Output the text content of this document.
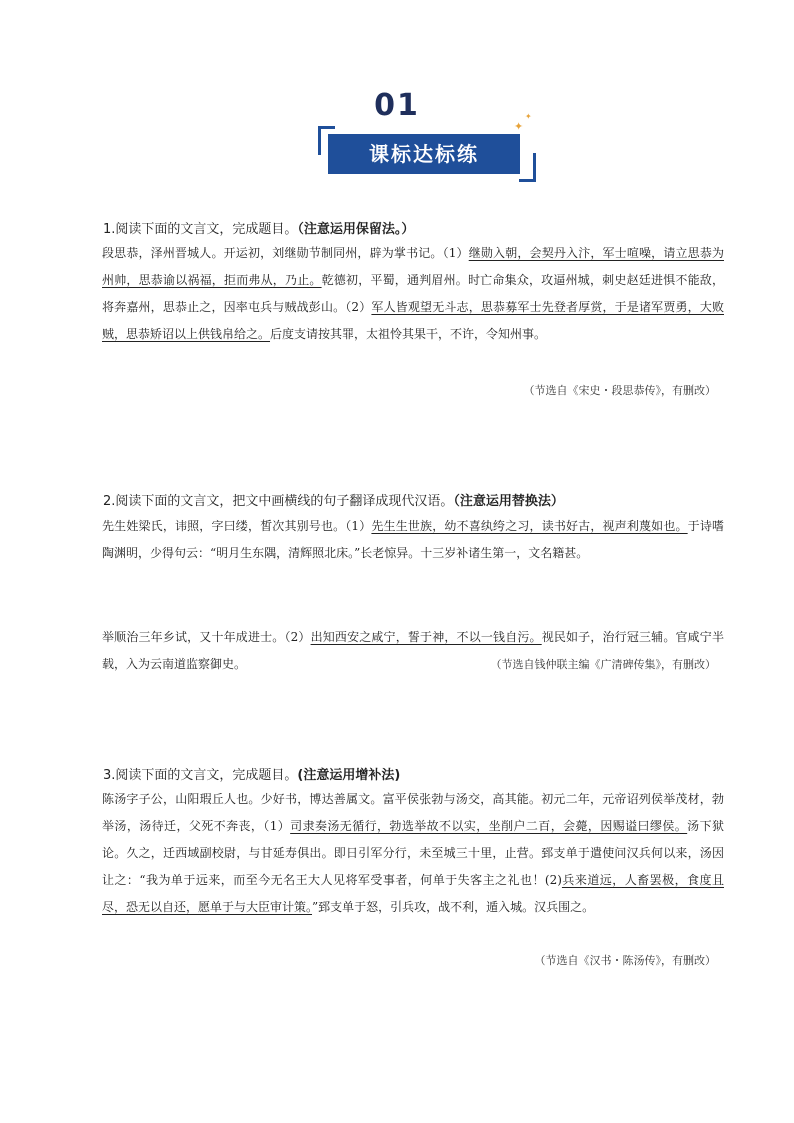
01
课标达标练
✦
✦
1.阅读下面的文言文，完成题目。（注意运用保留法。）
段思恭，泽州晋城人。开运初，刘继勋节制同州，辟为掌书记。（1）继勋入朝，会契丹入汴，军士喧噪，请立思恭为州帅，思恭谕以祸福，拒而弗从，乃止。乾德初，平蜀，通判眉州。时亡命集众，攻逼州城，刺史赵廷进惧不能敌，将奔嘉州，思恭止之，因率屯兵与贼战彭山。（2）军人皆观望无斗志，思恭募军士先登者厚赏，于是诸军贾勇，大败贼，思恭矫诏以上供钱帛给之。后度支请按其罪，太祖怜其果干，不许，令知州事。
（节选自《宋史・段思恭传》，有删改）
2.阅读下面的文言文，把文中画横线的句子翻译成现代汉语。（注意运用替换法）
先生姓梁氏，讳照，字曰缕，皙次其别号也。（1）先生生世族，幼不喜纨绔之习，读书好古，视声利蔑如也。于诗嗜陶渊明，少得句云：“明月生东隅，清辉照北床。”长老惊异。十三岁补诸生第一，文名籍甚。
举顺治三年乡试，又十年成进士。（2）出知西安之咸宁，誓于神，不以一钱自污。视民如子，治行冠三辅。官咸宁半载，入为云南道监察御史。	（节选自钱仲联主编《广清碑传集》，有删改）
3.阅读下面的文言文，完成题目。(注意运用增补法)
陈汤字子公，山阳瑕丘人也。少好书，博达善属文。富平侯张勃与汤交，高其能。初元二年，元帝诏列侯举茂材，勃举汤，汤待迁，父死不奔丧，（1）司隶奏汤无循行，勃选举故不以实，坐削户二百，会薨，因赐谥曰缪侯。汤下狱论。久之，迁西域副校尉，与甘延寿俱出。即日引军分行，未至城三十里，止营。郅支单于遣使问汉兵何以来，汤因让之：“我为单于远来，而至今无名王大人见将军受事者，何单于失客主之礼也！(2)兵来道远，人畜罢极，食度且尽，恐无以自还，愿单于与大臣审计策。”郅支单于怒，引兵攻，战不利，遁入城。汉兵围之。
（节选自《汉书・陈汤传》，有删改）
